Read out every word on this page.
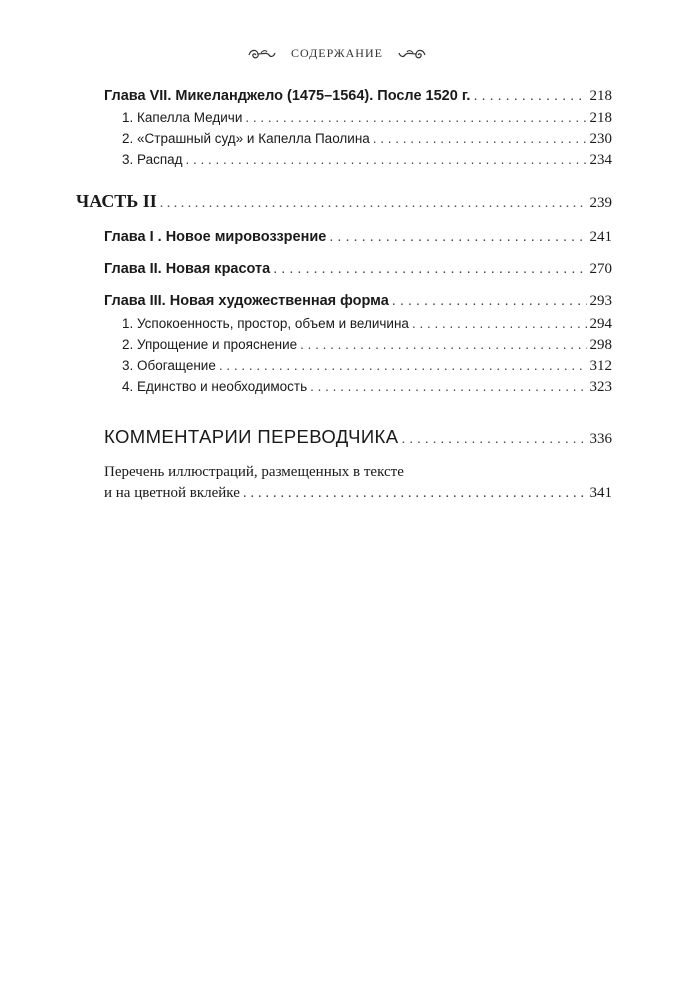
СОДЕРЖАНИЕ
Глава VII. Микеланджело (1475–1564). После 1520 г. . . .	218
1. Капелла Медичи . . .	218
2. «Страшный суд» и Капелла Паолина . . .	230
3. Распад . . .	234
ЧАСТЬ II . . .	239
Глава I . Новое мировоззрение . . .	241
Глава II. Новая красота . . .	270
Глава III. Новая художественная форма . . .	293
1. Успокоенность, простор, объем и величина . . .	294
2. Упрощение и прояснение . . .	298
3. Обогащение . . .	312
4. Единство и необходимость . . .	323
КОММЕНТАРИИ ПЕРЕВОДЧИКА . . .	336
Перечень иллюстраций, размещенных в тексте
и на цветной вклейке . . .	341
